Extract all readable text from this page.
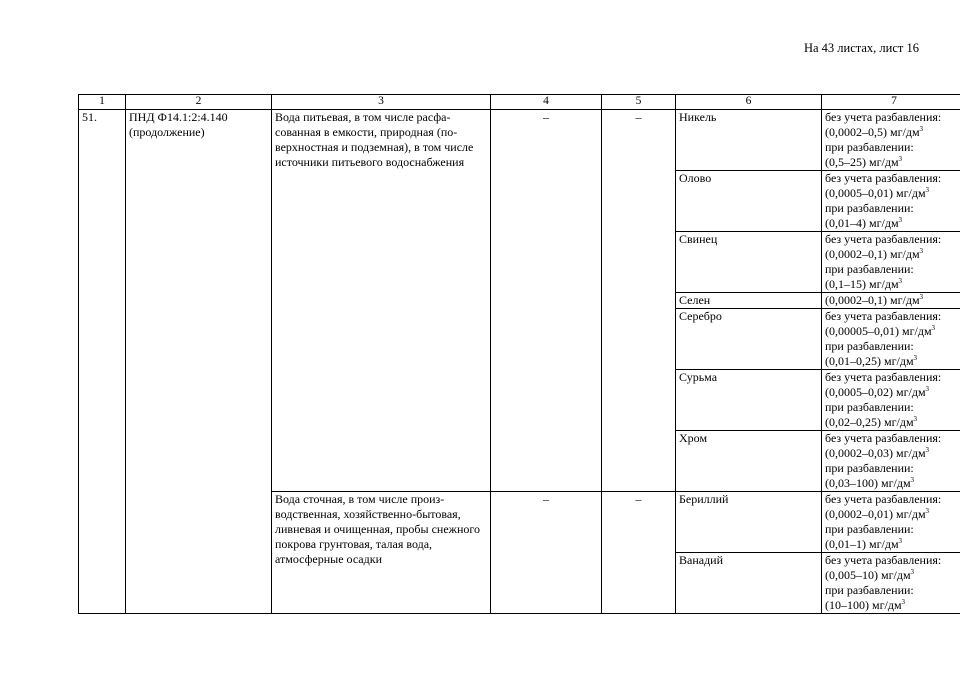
На 43 листах, лист 16
1	2	3	4	5	6	7
51.	ПНД Ф14.1:2:4.140 (продолжение)	Вода питьевая, в том числе расфа-сованная в емкости, природная (по-верхностная и подземная), в том числе источники питьевого водоснабжения	–	–	Никель	без учета разбавления:
(0,0002–0,5) $мг/дм^3$
при разбавлении:
(0,5–25) $мг/дм^3$

					Олово	без учета разбавления:
(0,0005–0,01) $мг/дм^3$
при разбавлении:
(0,01–4) $мг/дм^3$

					Свинец	без учета разбавления:
(0,0002–0,1) $мг/дм^3$
при разбавлении:
(0,1–15) $мг/дм^3$

					Селен	(0,0002–0,1) $мг/дм^3$

					Серебро	без учета разбавления:
(0,00005–0,01) $мг/дм^3$
при разбавлении:
(0,01–0,25) $мг/дм^3$

					Сурьма	без учета разбавления:
(0,0005–0,02) $мг/дм^3$
при разбавлении:
(0,02–0,25) $мг/дм^3$

					Хром	без учета разбавления:
(0,0002–0,03) $мг/дм^3$
при разбавлении:
(0,03–100) $мг/дм^3$

		Вода сточная, в том числе произ-водственная, хозяйственно-бытовая, ливневая и очищенная, пробы снежного покрова грунтовая, талая вода, атмосферные осадки	–	–	Бериллий	без учета разбавления:
(0,0002–0,01) $мг/дм^3$
при разбавлении:
(0,01–1) $мг/дм^3$

					Ванадий	без учета разбавления:
(0,005–10) $мг/дм^3$
при разбавлении:
(10–100) $мг/дм^3$
